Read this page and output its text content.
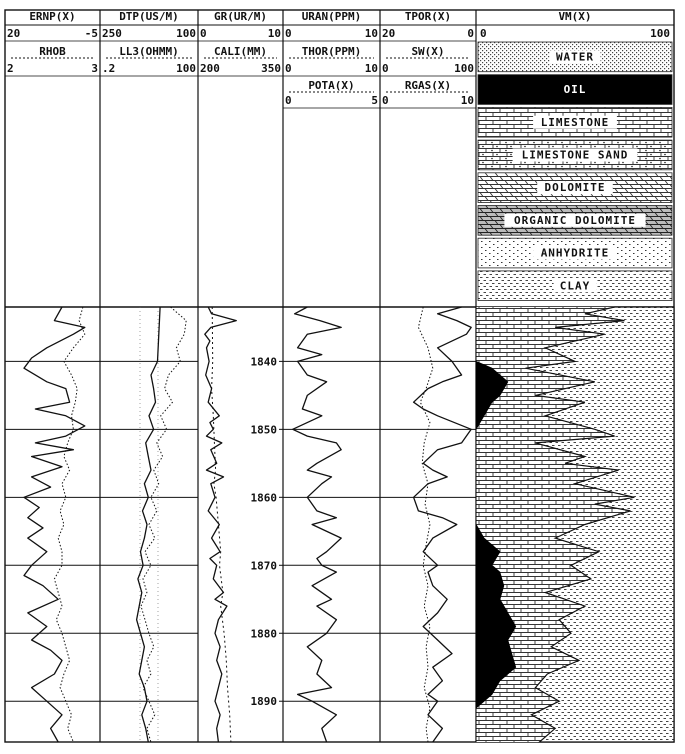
WATER
OIL
LIMESTONE
LIMESTONE SAND
DOLOMITE
ORGANIC DOLOMITE
ANHYDRITE
CLAY
ERNP(X)
20	-5
RHOB
2	3
DTP(US/M)
250	100
LL3(OHMM)
.2	100
GR(UR/M)
0	10
CALI(MM)
200	350
URAN(PPM)
0	10
THOR(PPM)
0	10
POTA(X)
0	5
TPOR(X)
20	0
SW(X)
0	100
RGAS(X)
0	10
VM(X)
0	100
1840
1850
1860
1870
1880
1890
